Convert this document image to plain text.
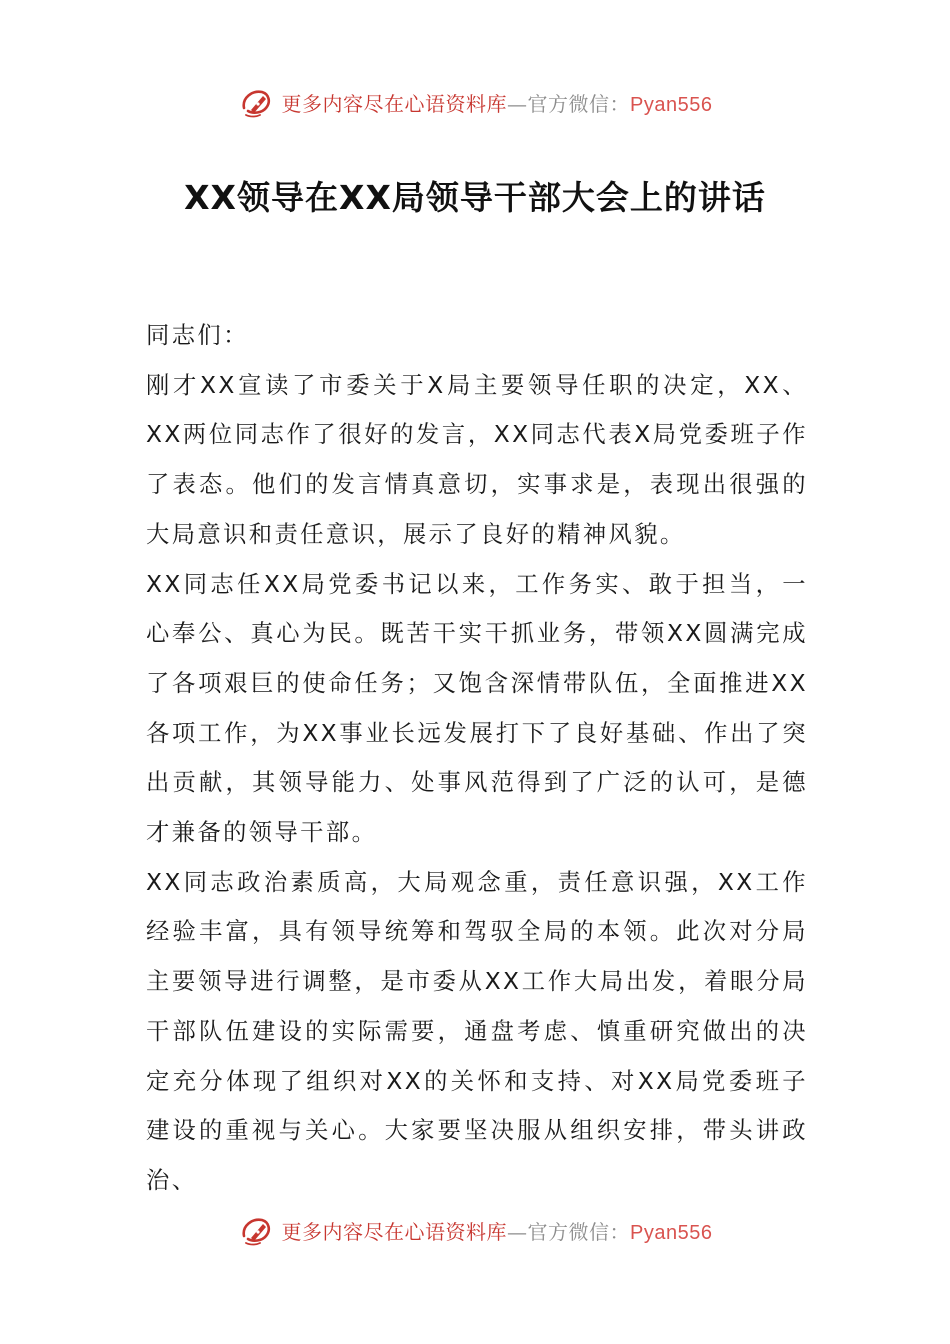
更多内容尽在心语资料库—官方微信：Pyan556
XX领导在XX局领导干部大会上的讲话

同志们：

刚才XX宣读了市委关于X局主要领导任职的决定，XX、XX两位同志作了很好的发言，XX同志代表X局党委班子作了表态。他们的发言情真意切，实事求是，表现出很强的大局意识和责任意识，展示了良好的精神风貌。

XX同志任XX局党委书记以来，工作务实、敢于担当，一心奉公、真心为民。既苦干实干抓业务，带领XX圆满完成了各项艰巨的使命任务；又饱含深情带队伍，全面推进XX各项工作，为XX事业长远发展打下了良好基础、作出了突出贡献，其领导能力、处事风范得到了广泛的认可，是德才兼备的领导干部。

XX同志政治素质高，大局观念重，责任意识强，XX工作经验丰富，具有领导统筹和驾驭全局的本领。此次对分局主要领导进行调整，是市委从XX工作大局出发，着眼分局干部队伍建设的实际需要，通盘考虑、慎重研究做出的决定充分体现了组织对XX的关怀和支持、对XX局党委班子建设的重视与关心。大家要坚决服从组织安排，带头讲政治、

更多内容尽在心语资料库—官方微信：Pyan556
